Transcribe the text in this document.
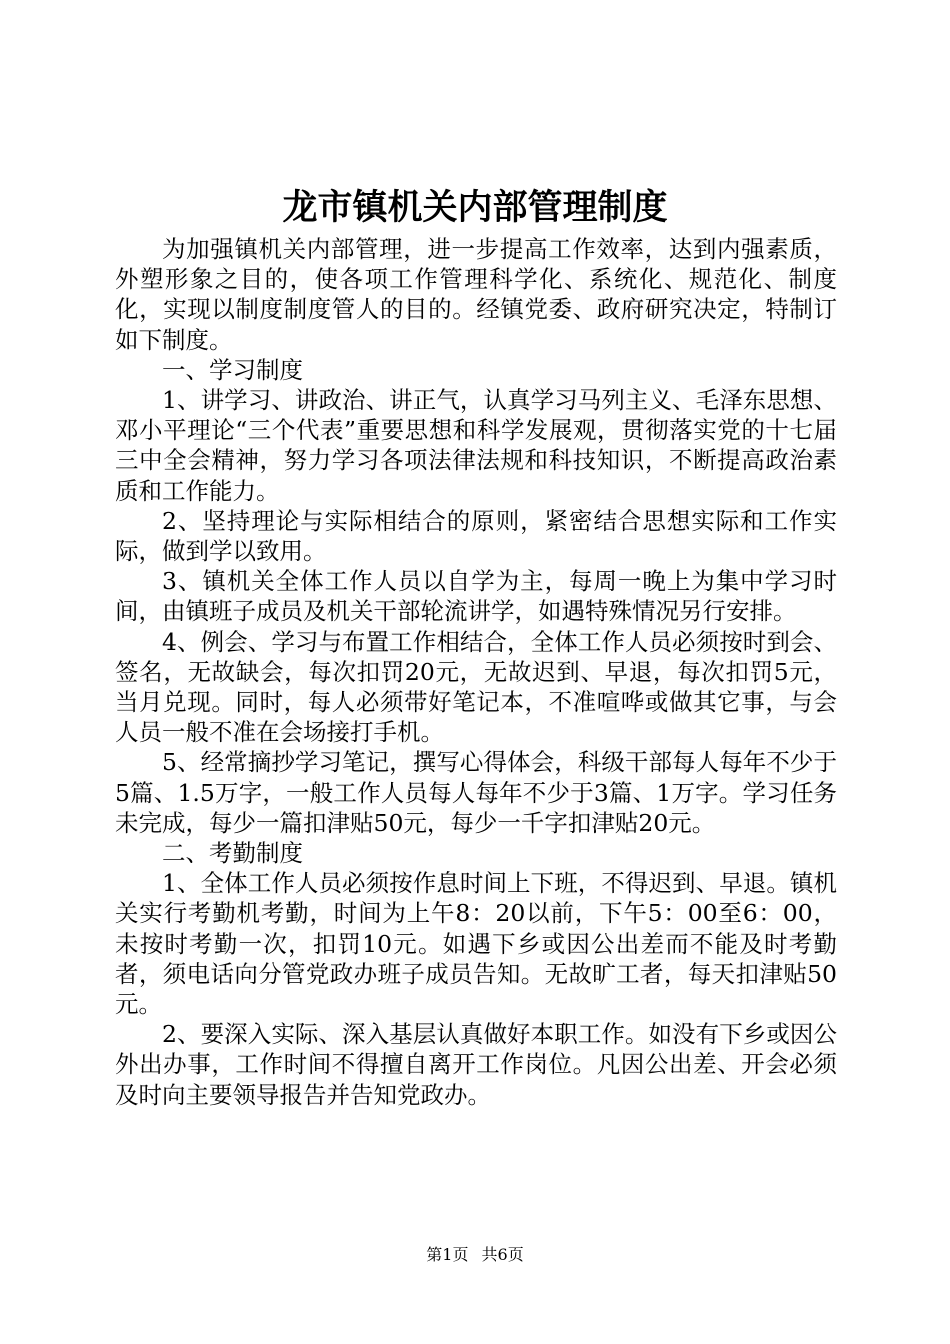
龙市镇机关内部管理制度

为加强镇机关内部管理，进一步提高工作效率，达到内强素质，外塑形象之目的，使各项工作管理科学化、系统化、规范化、制度化，实现以制度制度管人的目的。经镇党委、政府研究决定，特制订如下制度。

一、学习制度

1、讲学习、讲政治、讲正气，认真学习马列主义、毛泽东思想、邓小平理论“三个代表”重要思想和科学发展观，贯彻落实党的十七届三中全会精神，努力学习各项法律法规和科技知识，不断提高政治素质和工作能力。

2、坚持理论与实际相结合的原则，紧密结合思想实际和工作实际，做到学以致用。

3、镇机关全体工作人员以自学为主，每周一晚上为集中学习时间，由镇班子成员及机关干部轮流讲学，如遇特殊情况另行安排。

4、例会、学习与布置工作相结合，全体工作人员必须按时到会、签名，无故缺会，每次扣罚20元，无故迟到、早退，每次扣罚5元，当月兑现。同时，每人必须带好笔记本，不准喧哗或做其它事，与会人员一般不准在会场接打手机。

5、经常摘抄学习笔记，撰写心得体会，科级干部每人每年不少于5篇、1.5万字，一般工作人员每人每年不少于3篇、1万字。学习任务未完成，每少一篇扣津贴50元，每少一千字扣津贴20元。

二、考勤制度

1、全体工作人员必须按作息时间上下班，不得迟到、早退。镇机关实行考勤机考勤，时间为上午8：20以前，下午5：00至6：00，未按时考勤一次，扣罚10元。如遇下乡或因公出差而不能及时考勤者，须电话向分管党政办班子成员告知。无故旷工者，每天扣津贴50元。

2、要深入实际、深入基层认真做好本职工作。如没有下乡或因公外出办事，工作时间不得擅自离开工作岗位。凡因公出差、开会必须及时向主要领导报告并告知党政办。

第1页 共6页
